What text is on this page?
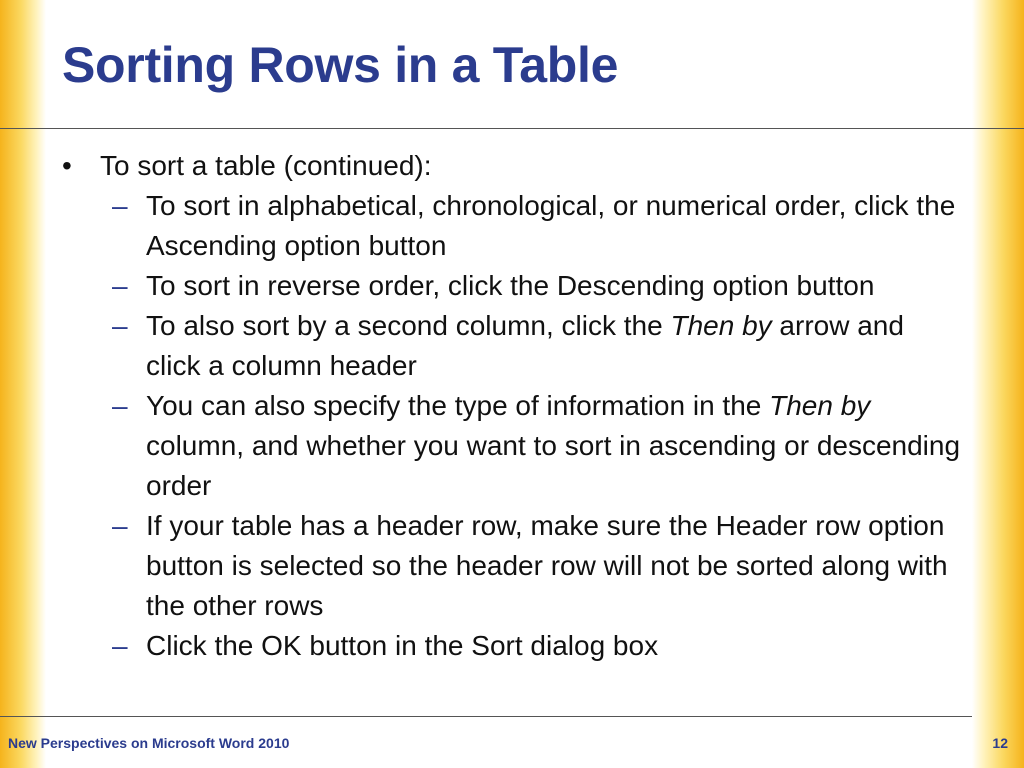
Sorting Rows in a Table
•	To sort a table (continued):
– To sort in alphabetical, chronological, or numerical order, click the Ascending option button
– To sort in reverse order, click the Descending option button
– To also sort by a second column, click the Then by arrow and click a column header
– You can also specify the type of information in the Then by column, and whether you want to sort in ascending or descending order
– If your table has a header row, make sure the Header row option button is selected so the header row will not be sorted along with the other rows
– Click the OK button in the Sort dialog box
New Perspectives on Microsoft Word 2010	12
